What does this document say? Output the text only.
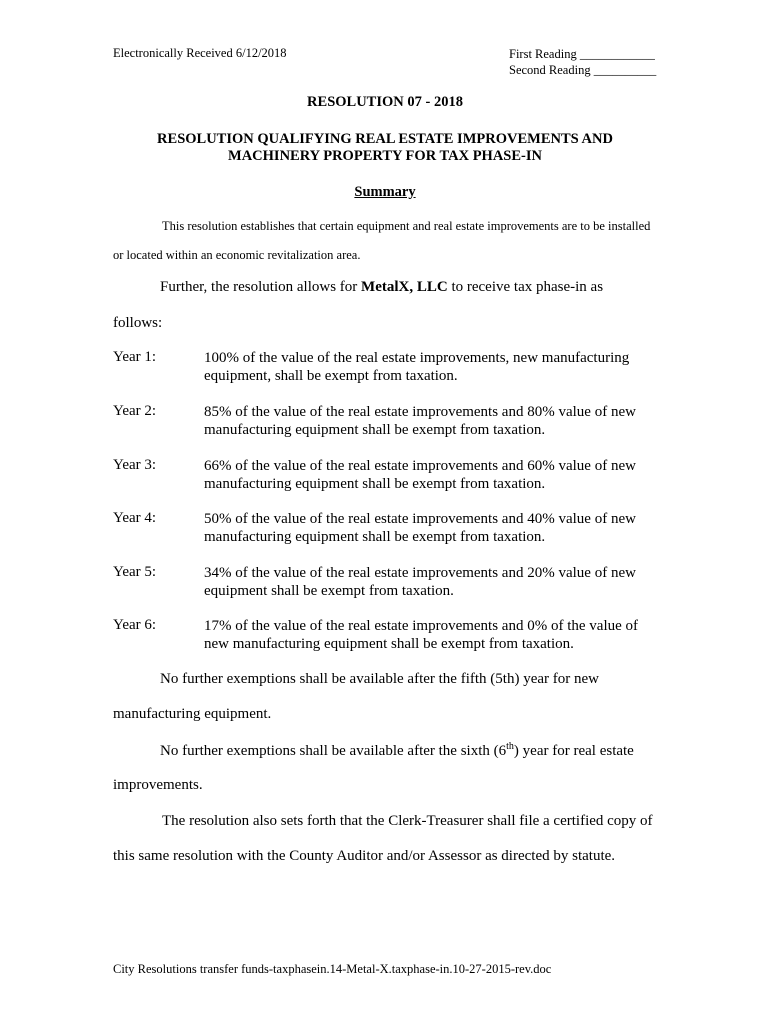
Electronically Received 6/12/2018	First Reading ____________
Second Reading __________
RESOLUTION 07 - 2018
RESOLUTION QUALIFYING REAL ESTATE IMPROVEMENTS AND
MACHINERY PROPERTY FOR TAX PHASE-IN
Summary
This resolution establishes that certain equipment and real estate improvements are to be installed
or located within an economic revitalization area.
Further, the resolution allows for MetalX, LLC to receive tax phase-in as
follows:
Year 1:	100% of the value of the real estate improvements, new manufacturing
equipment, shall be exempt from taxation.
Year 2:	85% of the value of the real estate improvements and 80% value of new
manufacturing equipment shall be exempt from taxation.
Year 3:	66% of the value of the real estate improvements and 60% value of new
manufacturing equipment shall be exempt from taxation.
Year 4:	50% of the value of the real estate improvements and 40% value of new
manufacturing equipment shall be exempt from taxation.
Year 5:	34% of the value of the real estate improvements and 20% value of new
equipment shall be exempt from taxation.
Year 6:	17% of the value of the real estate improvements and 0% of the value of
new manufacturing equipment shall be exempt from taxation.
No further exemptions shall be available after the fifth (5th) year for new
manufacturing equipment.
No further exemptions shall be available after the sixth (6th) year for real estate
improvements.
The resolution also sets forth that the Clerk-Treasurer shall file a certified copy of
this same resolution with the County Auditor and/or Assessor as directed by statute.
City Resolutions transfer funds-taxphasein.14-Metal-X.taxphase-in.10-27-2015-rev.doc
